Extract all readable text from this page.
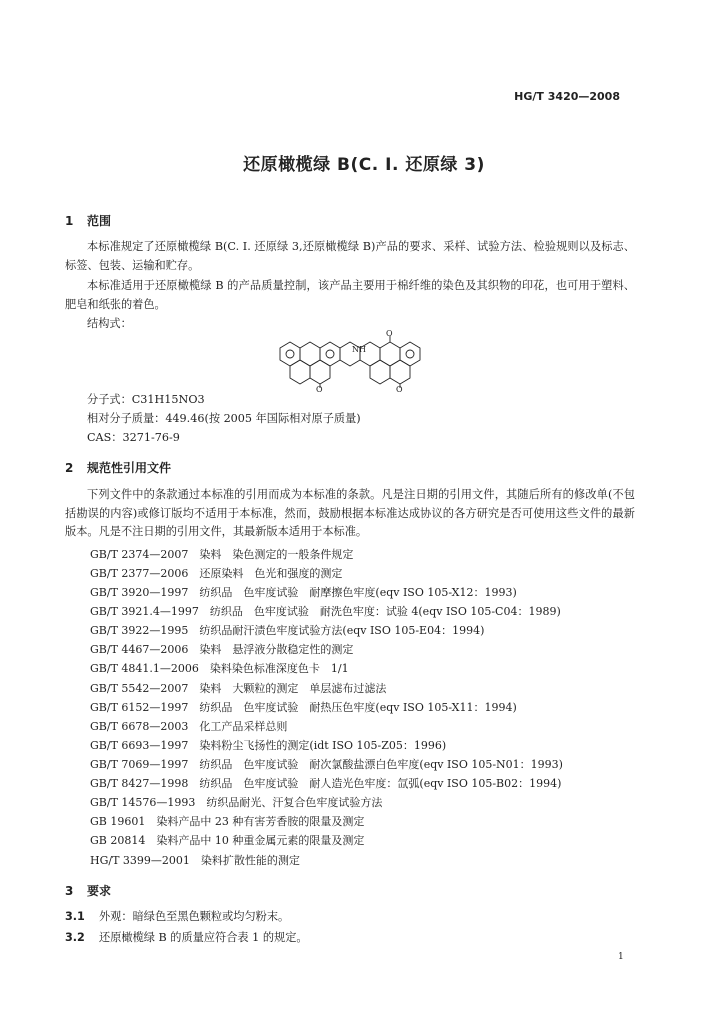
HG/T 3420—2008
还原橄榄绿 B(C. I. 还原绿 3)
1 范围
本标准规定了还原橄榄绿 B(C. I. 还原绿 3,还原橄榄绿 B)产品的要求、采样、试验方法、检验规则以及标志、标签、包装、运输和贮存。
本标准适用于还原橄榄绿 B 的产品质量控制，该产品主要用于棉纤维的染色及其织物的印花，也可用于塑料、肥皂和纸张的着色。
结构式：
O
NH
O	O
分子式：C31H15NO3
相对分子质量：449.46(按 2005 年国际相对原子质量)
CAS：3271-76-9
2 规范性引用文件
下列文件中的条款通过本标准的引用而成为本标准的条款。凡是注日期的引用文件，其随后所有的修改单(不包括勘误的内容)或修订版均不适用于本标准，然而，鼓励根据本标准达成协议的各方研究是否可使用这些文件的最新版本。凡是不注日期的引用文件，其最新版本适用于本标准。
GB/T 2374—2007　染料　染色测定的一般条件规定
GB/T 2377—2006　还原染料　色光和强度的测定
GB/T 3920—1997　纺织品　色牢度试验　耐摩擦色牢度(eqv ISO 105-X12：1993)
GB/T 3921.4—1997　纺织品　色牢度试验　耐洗色牢度：试验 4(eqv ISO 105-C04：1989)
GB/T 3922—1995　纺织品耐汗渍色牢度试验方法(eqv ISO 105-E04：1994)
GB/T 4467—2006　染料　悬浮液分散稳定性的测定
GB/T 4841.1—2006　染料染色标准深度色卡　1/1
GB/T 5542—2007　染料　大颗粒的测定　单层滤布过滤法
GB/T 6152—1997　纺织品　色牢度试验　耐热压色牢度(eqv ISO 105-X11：1994)
GB/T 6678—2003　化工产品采样总则
GB/T 6693—1997　染料粉尘飞扬性的测定(idt ISO 105-Z05：1996)
GB/T 7069—1997　纺织品　色牢度试验　耐次氯酸盐漂白色牢度(eqv ISO 105-N01：1993)
GB/T 8427—1998　纺织品　色牢度试验　耐人造光色牢度：氙弧(eqv ISO 105-B02：1994)
GB/T 14576—1993　纺织品耐光、汗复合色牢度试验方法
GB 19601　染料产品中 23 种有害芳香胺的限量及测定
GB 20814　染料产品中 10 种重金属元素的限量及测定
HG/T 3399—2001　染料扩散性能的测定
3 要求
3.1 外观：暗绿色至黑色颗粒或均匀粉末。
3.2 还原橄榄绿 B 的质量应符合表 1 的规定。
1
